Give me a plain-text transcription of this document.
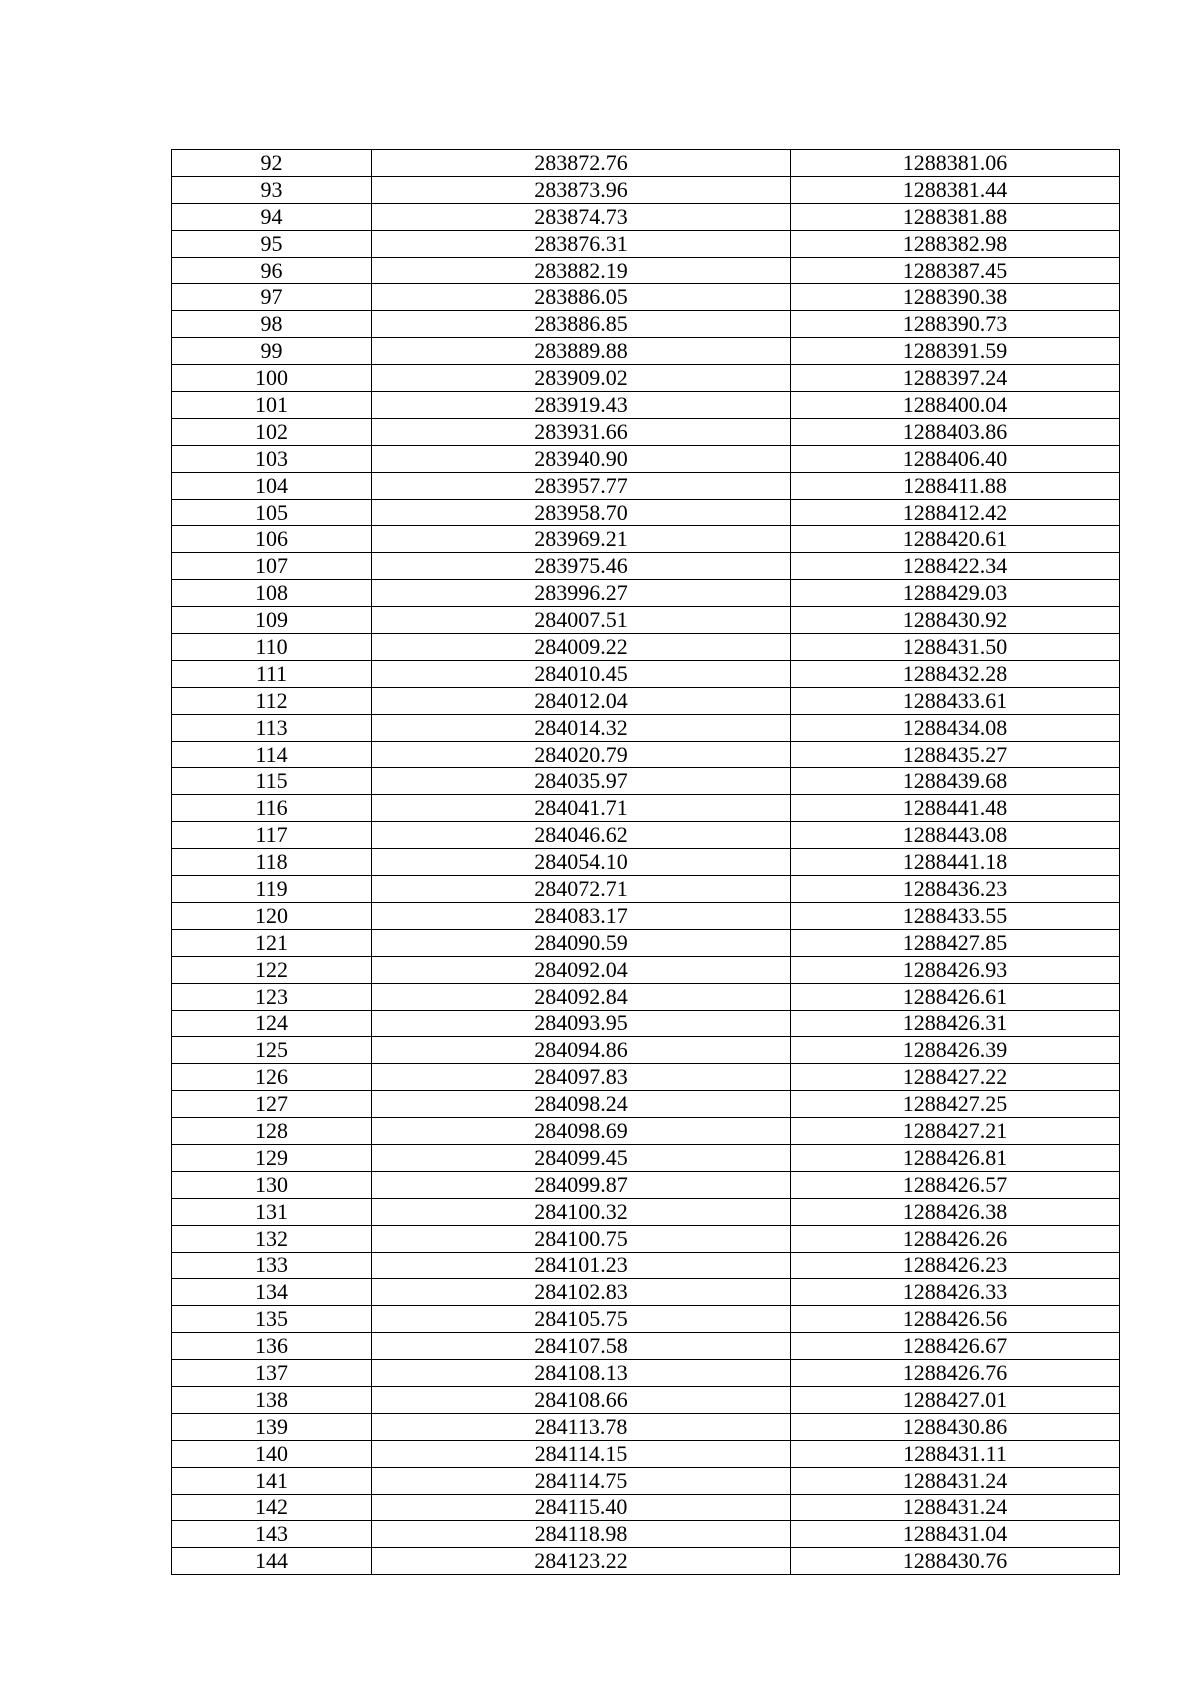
92	283872.76	1288381.06
93	283873.96	1288381.44
94	283874.73	1288381.88
95	283876.31	1288382.98
96	283882.19	1288387.45
97	283886.05	1288390.38
98	283886.85	1288390.73
99	283889.88	1288391.59
100	283909.02	1288397.24
101	283919.43	1288400.04
102	283931.66	1288403.86
103	283940.90	1288406.40
104	283957.77	1288411.88
105	283958.70	1288412.42
106	283969.21	1288420.61
107	283975.46	1288422.34
108	283996.27	1288429.03
109	284007.51	1288430.92
110	284009.22	1288431.50
111	284010.45	1288432.28
112	284012.04	1288433.61
113	284014.32	1288434.08
114	284020.79	1288435.27
115	284035.97	1288439.68
116	284041.71	1288441.48
117	284046.62	1288443.08
118	284054.10	1288441.18
119	284072.71	1288436.23
120	284083.17	1288433.55
121	284090.59	1288427.85
122	284092.04	1288426.93
123	284092.84	1288426.61
124	284093.95	1288426.31
125	284094.86	1288426.39
126	284097.83	1288427.22
127	284098.24	1288427.25
128	284098.69	1288427.21
129	284099.45	1288426.81
130	284099.87	1288426.57
131	284100.32	1288426.38
132	284100.75	1288426.26
133	284101.23	1288426.23
134	284102.83	1288426.33
135	284105.75	1288426.56
136	284107.58	1288426.67
137	284108.13	1288426.76
138	284108.66	1288427.01
139	284113.78	1288430.86
140	284114.15	1288431.11
141	284114.75	1288431.24
142	284115.40	1288431.24
143	284118.98	1288431.04
144	284123.22	1288430.76
